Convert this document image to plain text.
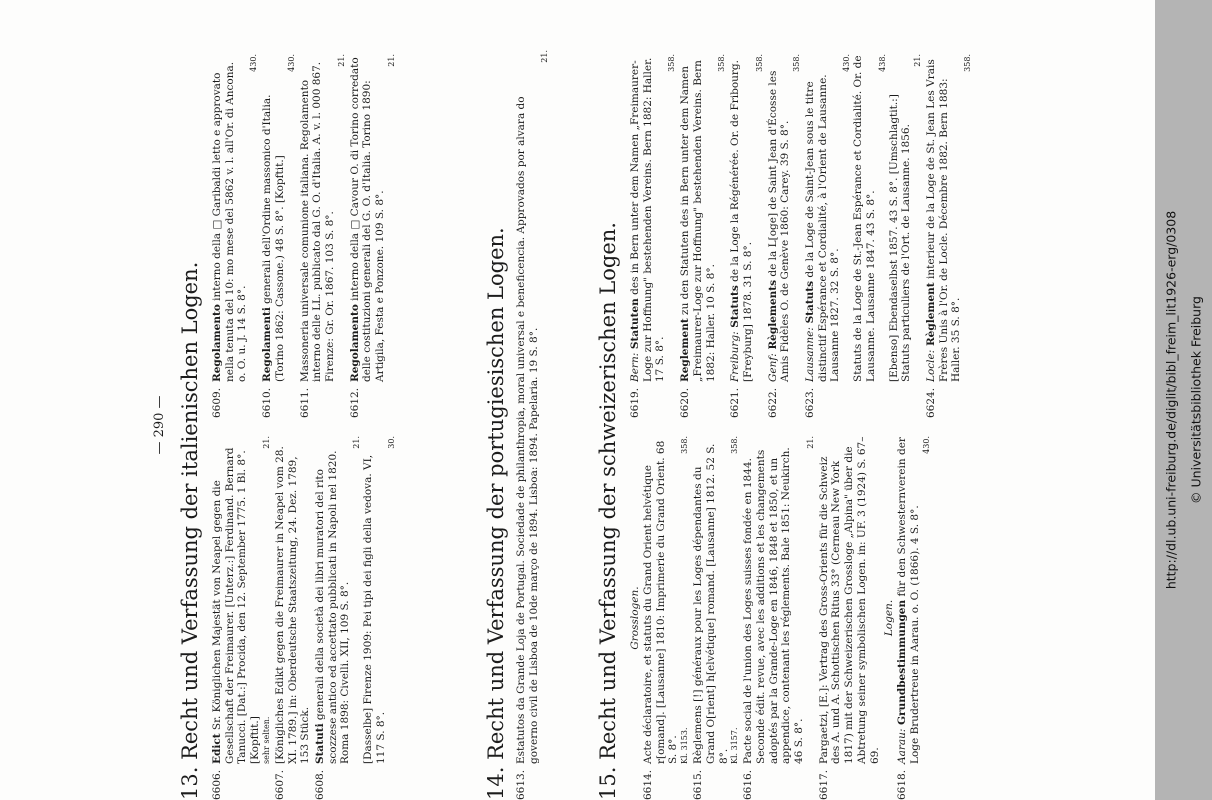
— 290 — 13. Recht und Verfassung der italienischen Logen. 6606.
Edict Sr. Königlichen Majestät von Neapel gegen die Gesellschaft der Freimaurer. [Unterz.:] Ferdinand. Bernard Tanucci. [Dat.:] Procida, den 12. September 1775. 1 Bl. 8°. [Kopftit.] sehr selten.
21.
6607.
[Königliches Edikt gegen die Freimaurer in Neapel vom 28. XI. 1789.] in: Oberdeutsche Staatszeitung, 24. Dez. 1789, 153 Stück.
6608.
Statuti generali della società dei libri muratori del rito scozzese antico ed accettato pubblicati in Napoli nel 1820. Roma 1898: Civelli. XII, 109 S. 8°.
21.
[Dasselbe] Firenze 1909: Pei tipi dei figli della vedova. VI, 117 S. 8°.
30.
6609.
Regolamento interno della □ Garibaldi letto e approvato nella tenuta del 10: mo mese del 5862 v. l. all'Or. di Ancona. o. O. u. J. 14 S. 8°.
430.
6610.
Regolamenti generali dell'Ordine massonico d'Italia. (Torino 1862: Cassone.) 48 S. 8°. [Kopftit.]
430.
6611.
Massoneria universale comunione italiana. Regolamento interno delle LL. publicato dal G. O. d'Italia. A. v. l. 000 867. Firenze: Gr. Or. 1867. 103 S. 8°.
21.
6612.
Regolamento interno della □ Cavour O. di Torino corredato delle costituzioni generali del G. O. d'Italia. Torino 1890: Artigila, Festa e Ponzone. 109 S. 8°.
21.
14. Recht und Verfassung der portugiesischen Logen. 6613.
Estatutos da Grande Loja de Portugal. Sociedade de philanthropia, moral universal e beneficencia. Approvados por alvara do governo civil de Lisboa de 10de março de 1894. Lisboa: 1894. Papelaria. 19 S. 8°.
21.
15. Recht und Verfassung der schweizerischen Logen. Grosslogen.
6614.
Acte déclaratoire, et statuts du Grand Orient helvétique r[omand]. [Lausanne] 1810: Imprimerie du Grand Orient. 68 S. 8°. Kl. 3153.
358.
6615.
Règlemens [!] généraux pour les Loges dépendantes du Grand O[rient] h[elvétique] romand. [Lausanne] 1812. 52 S. 8°. Kl. 3157.
358.
6616.
Pacte social de l'union des Loges suisses fondée en 1844. Seconde édit. revue, avec les additions et les changements adoptés par la Grande-Loge en 1846, 1848 et 1850, et un appendice, contenant les réglements. Bale 1851: Neukirch. 46 S. 8°.
21.
6617.
Pargaetzi, [E.]: Vertrag des Gross-Orients für die Schweiz des A. und A. Schottischen Ritus 33° (Cerneau New York 1817) mit der Schweizerischen Grossloge „Alpina" über die Abtretung seiner symbolischen Logen. in: UF. 3 (1924) S. 67–69.
Logen.
6618.
Aarau: Grundbestimmungen für den Schwesternverein der Loge Brudertreue in Aarau. o. O. (1866). 4 S. 8°.
430.
6619.
Bern: Statuten des in Bern unter dem Namen „Freimaurer-Loge zur Hoffnung" bestehenden Vereins. Bern 1882: Haller. 17 S. 8°.
358.
6620.
Reglement zu den Statuten des in Bern unter dem Namen „Freimaurer-Loge zur Hoffnung" bestehenden Vereins. Bern 1882: Haller. 10 S. 8°.
358.
6621.
Freiburg: Statuts de la Loge la Régénérée. Or. de Fribourg. [Freyburg] 1878. 31 S. 8°.
358.
6622.
Genf: Règlements de la L[oge] de Saint Jean d'Écosse les Amis Fidèles O. de Genève 1860: Carey. 39 S. 8°.
358.
6623.
Lausanne: Statuts de la Loge de Saint-Jean sous le titre distinctif Espérance et Cordialité, à l'Orient de Lausanne. Lausanne 1827. 32 S. 8°.
430. Statuts de la Loge de St.-Jean Espérance et Cordialité. Or. de Lausanne. Lausanne 1847. 43 S. 8°.
438.
[Ebenso] Ebendaselbst 1857. 43 S. 8°. [Umschlagtit.:] Statuts particuliers de l'Ort. de Lausanne. 1856.
21.
6624.
Locle: Règlement interieur de la Loge de St. Jean Les Vrais Frères Unis à l'Or. de Locle. Décembre 1882. Bern 1883: Haller. 35 S. 8°.
358.
http://dl.ub.uni-freiburg.de/diglit/bibl_freim_lit1926-erg/0308 © Universitätsbibliothek Freiburg
